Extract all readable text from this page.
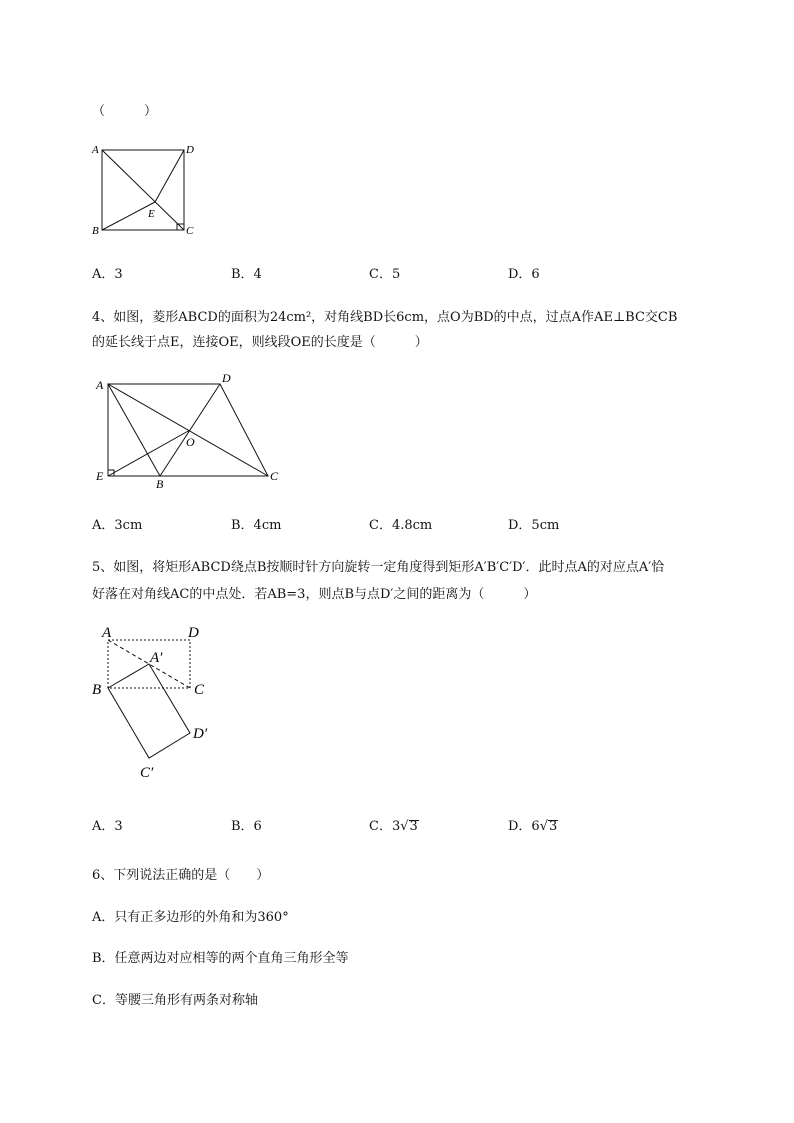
（　　　）
A	D
B	C
E
A．3	B．4	C．5	D．6
4、如图，菱形ABCD的面积为24cm²，对角线BD长6cm，点O为BD的中点，过点A作AE⊥BC交CB
的延长线于点E，连接OE，则线段OE的长度是（　　　）
A	D
C
B
E
O
A．3cm	B．4cm	C．4.8cm	D．5cm
5、如图，将矩形ABCD绕点B按顺时针方向旋转一定角度得到矩形A′B′C′D′．此时点A的对应点A′恰
好落在对角线AC的中点处．若AB=3，则点B与点D′之间的距离为（　　　）
A	D
B	C
A′
D′
C′
A．3	B．6	C．3√3	D．6√3
6、下列说法正确的是（　　）
A．只有正多边形的外角和为360°
B．任意两边对应相等的两个直角三角形全等
C．等腰三角形有两条对称轴
